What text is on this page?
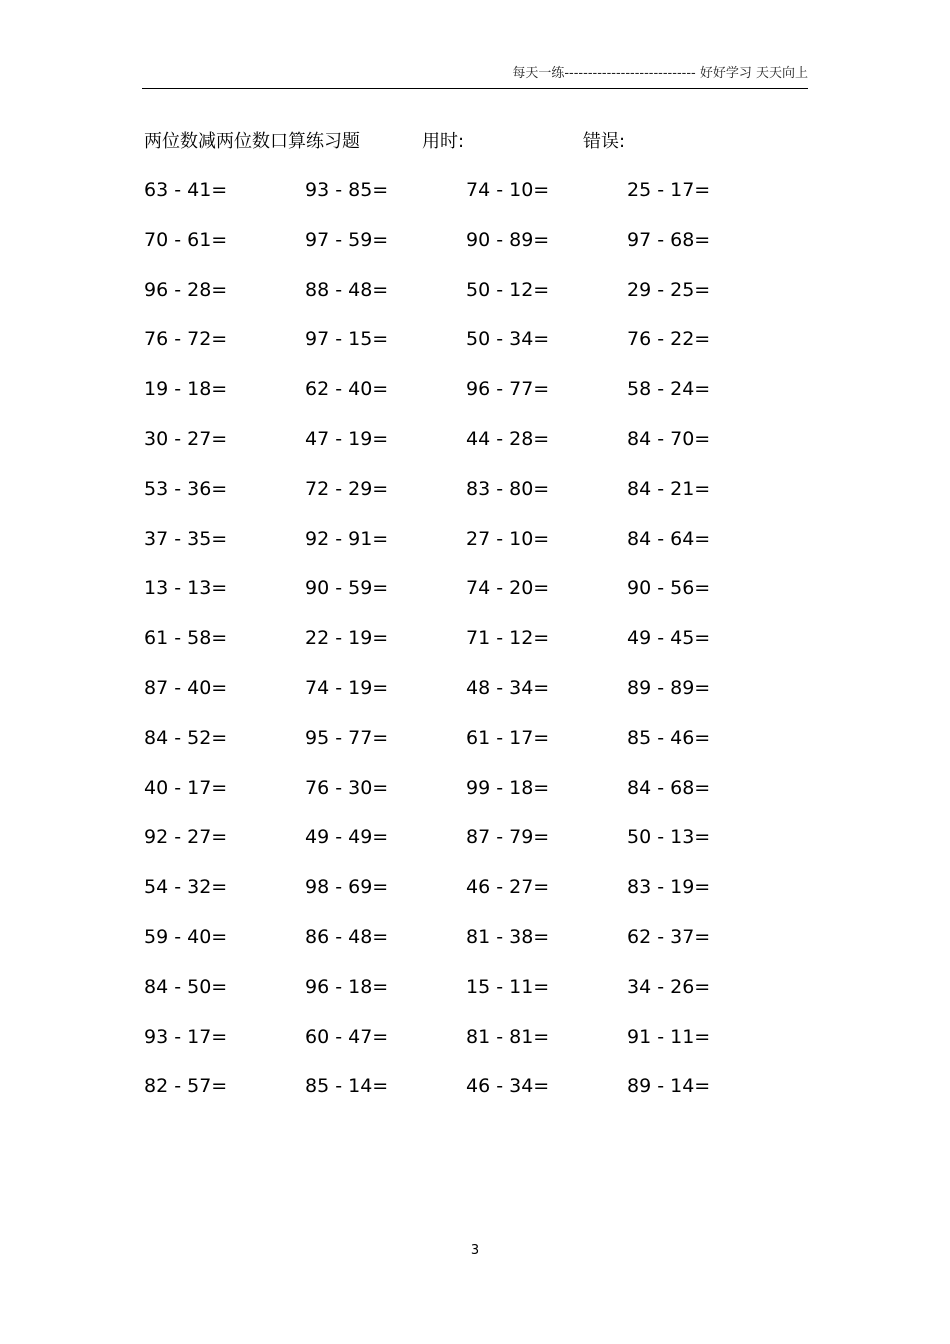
每天一练---------------------------- 好好学习 天天向上
两位数减两位数口算练习题	用时:	错误:
63 - 41=	93 - 85=	74 - 10=	25 - 17=
70 - 61=	97 - 59=	90 - 89=	97 - 68=
96 - 28=	88 - 48=	50 - 12=	29 - 25=
76 - 72=	97 - 15=	50 - 34=	76 - 22=
19 - 18=	62 - 40=	96 - 77=	58 - 24=
30 - 27=	47 - 19=	44 - 28=	84 - 70=
53 - 36=	72 - 29=	83 - 80=	84 - 21=
37 - 35=	92 - 91=	27 - 10=	84 - 64=
13 - 13=	90 - 59=	74 - 20=	90 - 56=
61 - 58=	22 - 19=	71 - 12=	49 - 45=
87 - 40=	74 - 19=	48 - 34=	89 - 89=
84 - 52=	95 - 77=	61 - 17=	85 - 46=
40 - 17=	76 - 30=	99 - 18=	84 - 68=
92 - 27=	49 - 49=	87 - 79=	50 - 13=
54 - 32=	98 - 69=	46 - 27=	83 - 19=
59 - 40=	86 - 48=	81 - 38=	62 - 37=
84 - 50=	96 - 18=	15 - 11=	34 - 26=
93 - 17=	60 - 47=	81 - 81=	91 - 11=
82 - 57=	85 - 14=	46 - 34=	89 - 14=
3
